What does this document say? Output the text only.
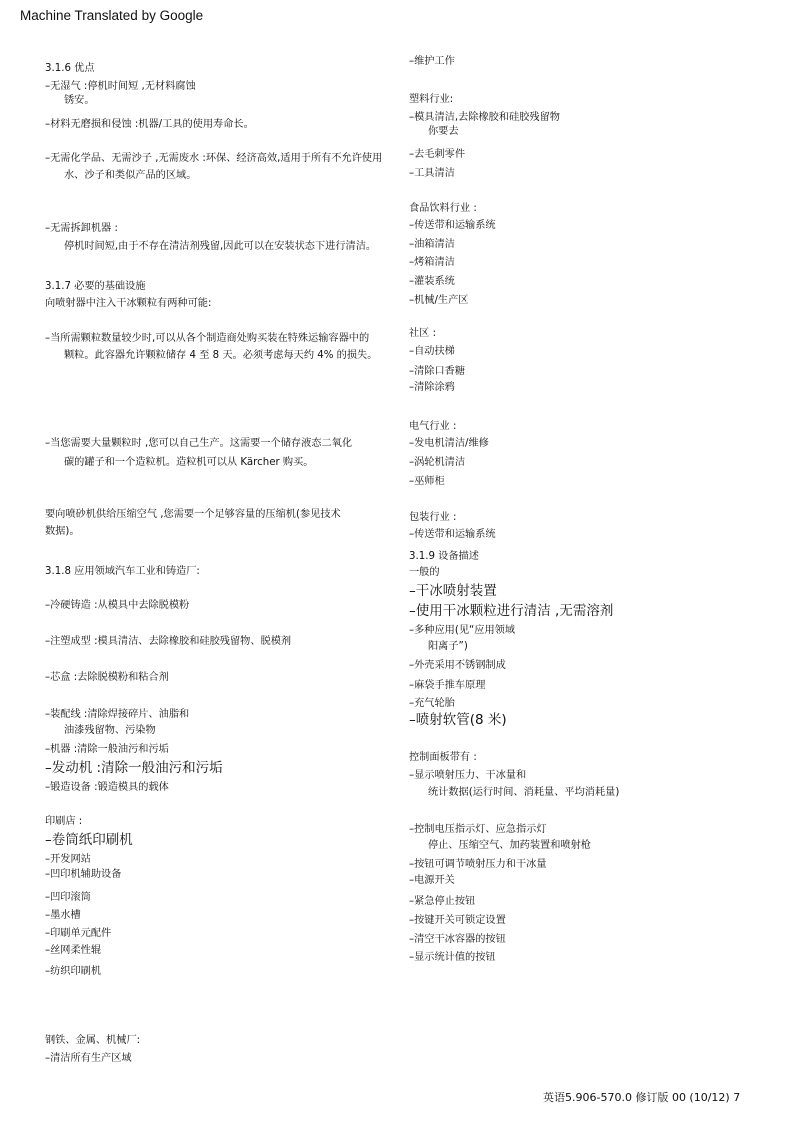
Machine Translated by Google
3.1.6 优点
–无湿气 :停机时间短 ,无材料腐蚀
锈安。
–材料无磨损和侵蚀 :机器/工具的使用寿命长。
–无需化学品、无需沙子 ,无需废水 :环保、经济高效,适用于所有不允许使用
水、沙子和类似产品的区域。
–无需拆卸机器 :
停机时间短,由于不存在清洁剂残留,因此可以在安装状态下进行清洁。
3.1.7 必要的基础设施
向喷射器中注入干冰颗粒有两种可能:
–当所需颗粒数量较少时,可以从各个制造商处购买装在特殊运输容器中的
颗粒。此容器允许颗粒储存 4 至 8 天。必须考虑每天约 4% 的损失。
–当您需要大量颗粒时 ,您可以自己生产。这需要一个储存液态二氧化
碳的罐子和一个造粒机。造粒机可以从 Kärcher 购买。
要向喷砂机供给压缩空气 ,您需要一个足够容量的压缩机(参见技术
数据)。
3.1.8 应用领域汽车工业和铸造厂:
–冷硬铸造 :从模具中去除脱模粉
–注塑成型 :模具清洁、去除橡胶和硅胶残留物、脱模剂
–芯盒 :去除脱模粉和粘合剂
–装配线 :清除焊接碎片、油脂和
油漆残留物、污染物
–机器 :清除一般油污和污垢
–发动机 :清除一般油污和污垢
–锻造设备 :锻造模具的载体
印刷店 :
–卷筒纸印刷机
–开发网站
–凹印机辅助设备
–凹印滚筒
–墨水槽
–印刷单元配件
–丝网柔性辊
–纺织印刷机
钢铁、金属、机械厂:
–清洁所有生产区域
–维护工作
塑料行业:
–模具清洁,去除橡胶和硅胶残留物
你要去
–去毛刺零件
–工具清洁
食品饮料行业 :
–传送带和运输系统
–油箱清洁
–烤箱清洁
–灌装系统
–机械/生产区
社区 :
–自动扶梯
–清除口香糖
–清除涂鸦
电气行业 :
–发电机清洁/维修
–涡轮机清洁
–巫师柜
包装行业 :
–传送带和运输系统
3.1.9 设备描述
一般的
–干冰喷射装置
–使用干冰颗粒进行清洁 ,无需溶剂
–多种应用(见“应用领域
阳离子”)
–外壳采用不锈钢制成
–麻袋手推车原理
–充气轮胎
–喷射软管(8 米)
控制面板带有 :
–显示喷射压力、干冰量和
统计数据(运行时间、消耗量、平均消耗量)
–控制电压指示灯、应急指示灯
停止、压缩空气、加药装置和喷射枪
–按钮可调节喷射压力和干冰量
–电源开关
–紧急停止按钮
–按键开关可锁定设置
–清空干冰容器的按钮
–显示统计值的按钮
英语5.906-570.0 修订版 00 (10/12) 7
